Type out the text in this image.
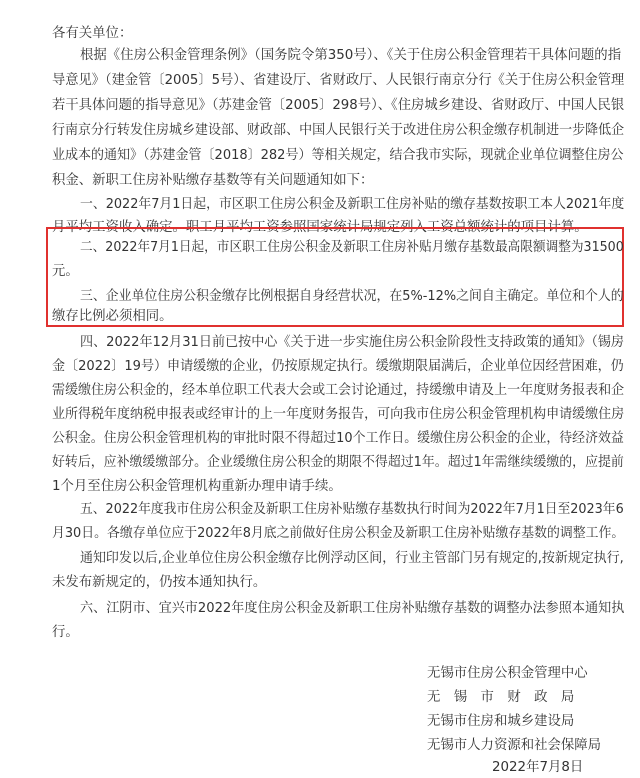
各有关单位：
根据《住房公积金管理条例》（国务院令第350号）、《关于住房公积金管理若干具体问题的指
导意见》（建金管〔2005〕5号）、省建设厅、省财政厅、人民银行南京分行《关于住房公积金管理
若干具体问题的指导意见》（苏建金管〔2005〕298号）、《住房城乡建设、省财政厅、中国人民银
行南京分行转发住房城乡建设部、财政部、中国人民银行关于改进住房公积金缴存机制进一步降低企
业成本的通知》（苏建金管〔2018〕282号）等相关规定，结合我市实际，现就企业单位调整住房公
积金、新职工住房补贴缴存基数等有关问题通知如下：
一、2022年7月1日起，市区职工住房公积金及新职工住房补贴的缴存基数按职工本人2021年度
月平均工资收入确定。职工月平均工资参照国家统计局规定列入工资总额统计的项目计算。
二、2022年7月1日起，市区职工住房公积金及新职工住房补贴月缴存基数最高限额调整为31500
元。
三、企业单位住房公积金缴存比例根据自身经营状况，在5%-12%之间自主确定。单位和个人的
缴存比例必须相同。
四、2022年12月31日前已按中心《关于进一步实施住房公积金阶段性支持政策的通知》（锡房
金〔2022〕19号）申请缓缴的企业，仍按原规定执行。缓缴期限届满后，企业单位因经营困难，仍
需缓缴住房公积金的，经本单位职工代表大会或工会讨论通过，持缓缴申请及上一年度财务报表和企
业所得税年度纳税申报表或经审计的上一年度财务报告，可向我市住房公积金管理机构申请缓缴住房
公积金。住房公积金管理机构的审批时限不得超过10个工作日。缓缴住房公积金的企业，待经济效益
好转后，应补缴缓缴部分。企业缓缴住房公积金的期限不得超过1年。超过1年需继续缓缴的，应提前
1个月至住房公积金管理机构重新办理申请手续。
五、2022年度我市住房公积金及新职工住房补贴缴存基数执行时间为2022年7月1日至2023年6
月30日。各缴存单位应于2022年8月底之前做好住房公积金及新职工住房补贴缴存基数的调整工作。
通知印发以后,企业单位住房公积金缴存比例浮动区间，行业主管部门另有规定的,按新规定执行,
未发布新规定的，仍按本通知执行。
六、江阴市、宜兴市2022年度住房公积金及新职工住房补贴缴存基数的调整办法参照本通知执
行。
无锡市住房公积金管理中心
无　锡　市　财　政　局
无锡市住房和城乡建设局
无锡市人力资源和社会保障局
2022年7月8日
